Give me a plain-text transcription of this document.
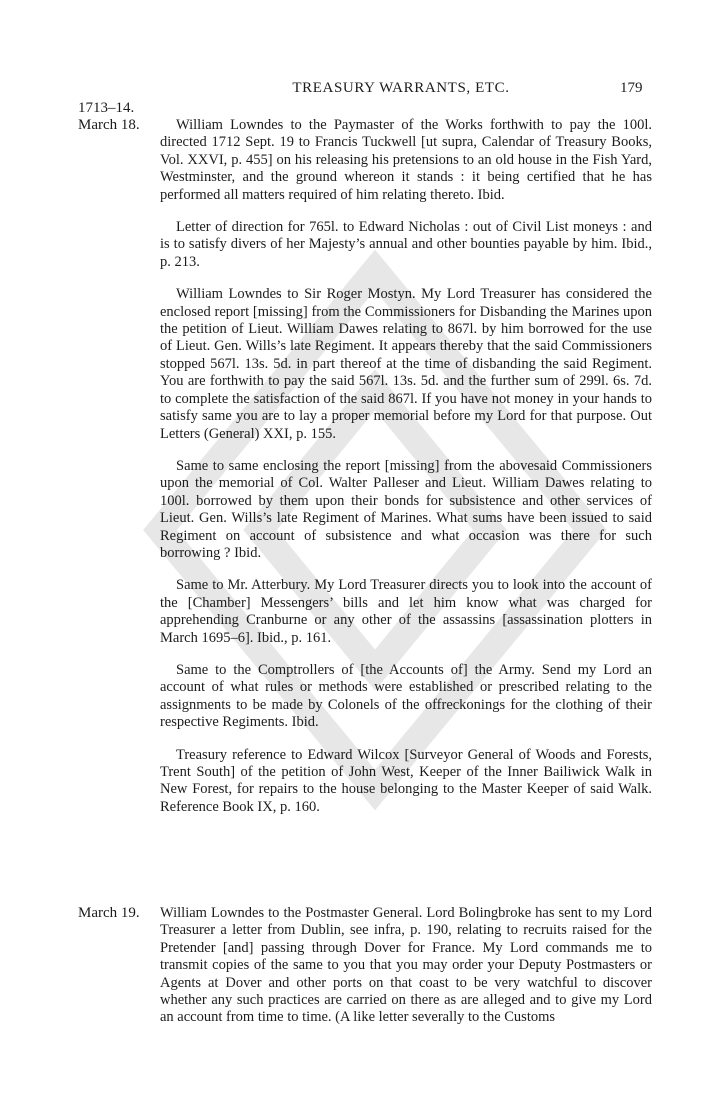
TREASURY WARRANTS, ETC.	179
1713–14.
March 18.
March 19.

William Lowndes to the Paymaster of the Works forthwith to pay the 100l. directed 1712 Sept. 19 to Francis Tuckwell [ut supra, Calendar of Treasury Books, Vol. XXVI, p. 455] on his releasing his pretensions to an old house in the Fish Yard, Westminster, and the ground whereon it stands : it being certified that he has performed all matters required of him relating thereto. Ibid.

Letter of direction for 765l. to Edward Nicholas : out of Civil List moneys : and is to satisfy divers of her Majesty’s annual and other bounties payable by him. Ibid., p. 213.

William Lowndes to Sir Roger Mostyn. My Lord Treasurer has considered the enclosed report [missing] from the Commissioners for Disbanding the Marines upon the petition of Lieut. William Dawes relating to 867l. by him borrowed for the use of Lieut. Gen. Wills’s late Regiment. It appears thereby that the said Commissioners stopped 567l. 13s. 5d. in part thereof at the time of disbanding the said Regiment. You are forthwith to pay the said 567l. 13s. 5d. and the further sum of 299l. 6s. 7d. to complete the satisfaction of the said 867l. If you have not money in your hands to satisfy same you are to lay a proper memorial before my Lord for that purpose. Out Letters (General) XXI, p. 155.

Same to same enclosing the report [missing] from the abovesaid Commissioners upon the memorial of Col. Walter Palleser and Lieut. William Dawes relating to 100l. borrowed by them upon their bonds for subsistence and other services of Lieut. Gen. Wills’s late Regiment of Marines. What sums have been issued to said Regiment on account of subsistence and what occasion was there for such borrowing ? Ibid.

Same to Mr. Atterbury. My Lord Treasurer directs you to look into the account of the [Chamber] Messengers’ bills and let him know what was charged for apprehending Cranburne or any other of the assassins [assassination plotters in March 1695–6]. Ibid., p. 161.

Same to the Comptrollers of [the Accounts of] the Army. Send my Lord an account of what rules or methods were established or prescribed relating to the assignments to be made by Colonels of the offreckonings for the clothing of their respective Regiments. Ibid.

Treasury reference to Edward Wilcox [Surveyor General of Woods and Forests, Trent South] of the petition of John West, Keeper of the Inner Bailiwick Walk in New Forest, for repairs to the house belonging to the Master Keeper of said Walk. Reference Book IX, p. 160.

William Lowndes to the Postmaster General. Lord Bolingbroke has sent to my Lord Treasurer a letter from Dublin, see infra, p. 190, relating to recruits raised for the Pretender [and] passing through Dover for France. My Lord commands me to transmit copies of the same to you that you may order your Deputy Postmasters or Agents at Dover and other ports on that coast to be very watchful to discover whether any such practices are carried on there as are alleged and to give my Lord an account from time to time. (A like letter severally to the Customs
